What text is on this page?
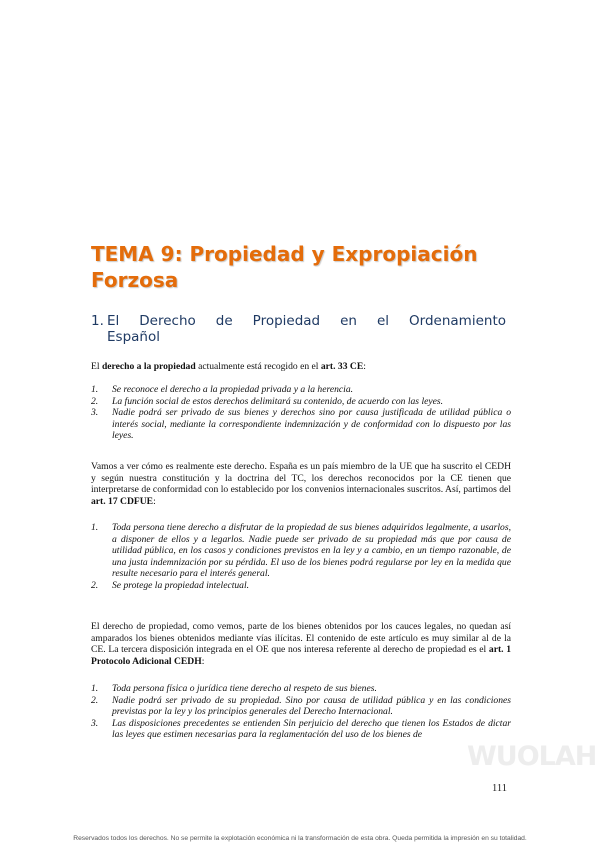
TEMA 9: Propiedad y Expropiación Forzosa
1. El Derecho de Propiedad en el Ordenamiento
Español

El derecho a la propiedad actualmente está recogido en el art. 33 CE:

1. Se reconoce el derecho a la propiedad privada y a la herencia.
2. La función social de estos derechos delimitará su contenido, de acuerdo con las leyes.
3. Nadie podrá ser privado de sus bienes y derechos sino por causa justificada de utilidad pública o interés social, mediante la correspondiente indemnización y de conformidad con lo dispuesto por las leyes.

Vamos a ver cómo es realmente este derecho. España es un país miembro de la UE que ha suscrito el CEDH y según nuestra constitución y la doctrina del TC, los derechos reconocidos por la CE tienen que interpretarse de conformidad con lo establecido por los convenios internacionales suscritos. Así, partimos del art. 17 CDFUE:

1. Toda persona tiene derecho a disfrutar de la propiedad de sus bienes adquiridos legalmente, a usarlos, a disponer de ellos y a legarlos. Nadie puede ser privado de su propiedad más que por causa de utilidad pública, en los casos y condiciones previstos en la ley y a cambio, en un tiempo razonable, de una justa indemnización por su pérdida. El uso de los bienes podrá regularse por ley en la medida que resulte necesario para el interés general.
2. Se protege la propiedad intelectual.

El derecho de propiedad, como vemos, parte de los bienes obtenidos por los cauces legales, no quedan así amparados los bienes obtenidos mediante vías ilícitas. El contenido de este artículo es muy similar al de la CE. La tercera disposición integrada en el OE que nos interesa referente al derecho de propiedad es el art. 1 Protocolo Adicional CEDH:

1. Toda persona física o jurídica tiene derecho al respeto de sus bienes.
2. Nadie podrá ser privado de su propiedad. Sino por causa de utilidad pública y en las condiciones previstas por la ley y los principios generales del Derecho Internacional.
3. Las disposiciones precedentes se entienden Sin perjuicio del derecho que tienen los Estados de dictar las leyes que estimen necesarias para la reglamentación del uso de los bienes de
WUOLAH
111
Reservados todos los derechos. No se permite la explotación económica ni la transformación de esta obra. Queda permitida la impresión en su totalidad.
